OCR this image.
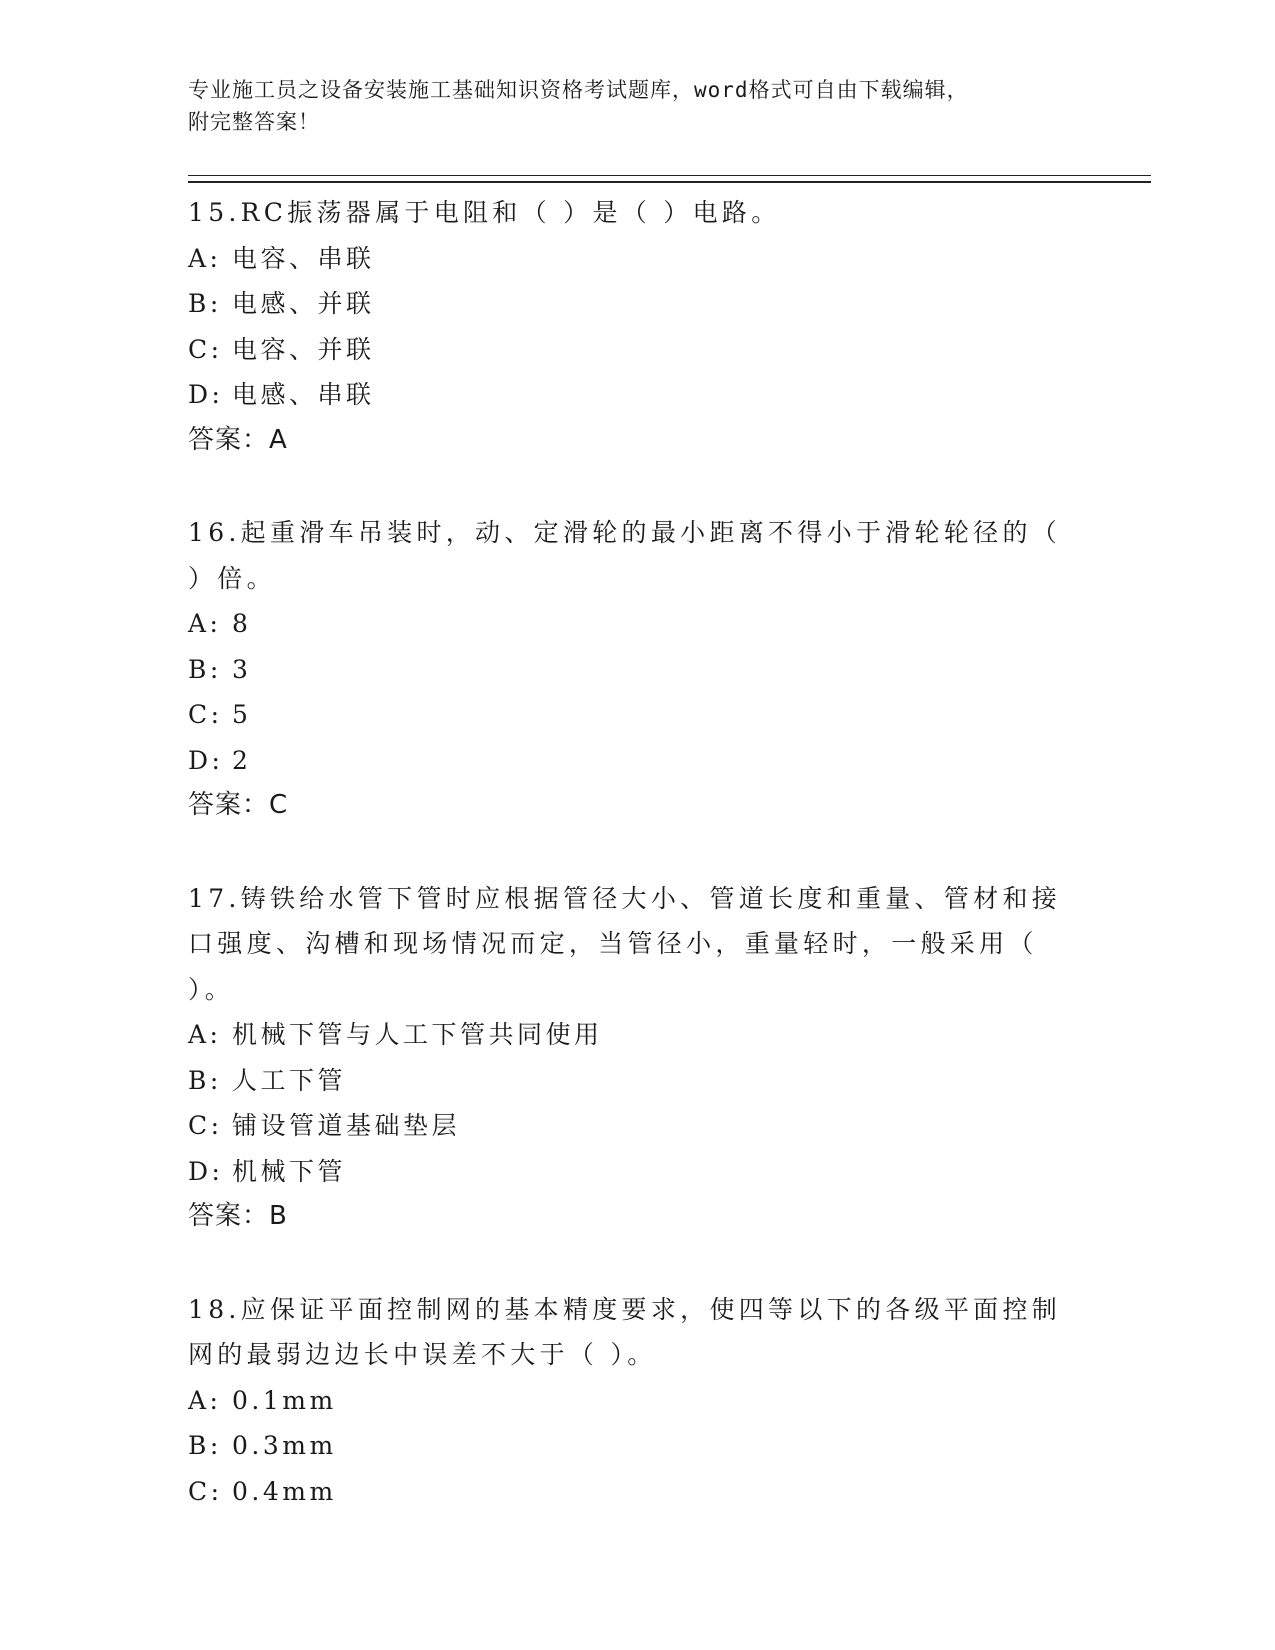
专业施工员之设备安装施工基础知识资格考试题库，word格式可自由下载编辑，
附完整答案！
15.RC振荡器属于电阻和（ ）是（ ）电路。
A: 电容、串联
B: 电感、并联
C: 电容、并联
D: 电感、串联
答案：A
16.起重滑车吊装时，动、定滑轮的最小距离不得小于滑轮轮径的（ ）倍。
A: 8
B: 3
C: 5
D: 2
答案：C
17.铸铁给水管下管时应根据管径大小、管道长度和重量、管材和接口强度、沟槽和现场情况而定，当管径小，重量轻时，一般采用（ ）。
A: 机械下管与人工下管共同使用
B: 人工下管
C: 铺设管道基础垫层
D: 机械下管
答案：B
18.应保证平面控制网的基本精度要求，使四等以下的各级平面控制网的最弱边边长中误差不大于（ ）。
A: 0.1mm
B: 0.3mm
C: 0.4mm
